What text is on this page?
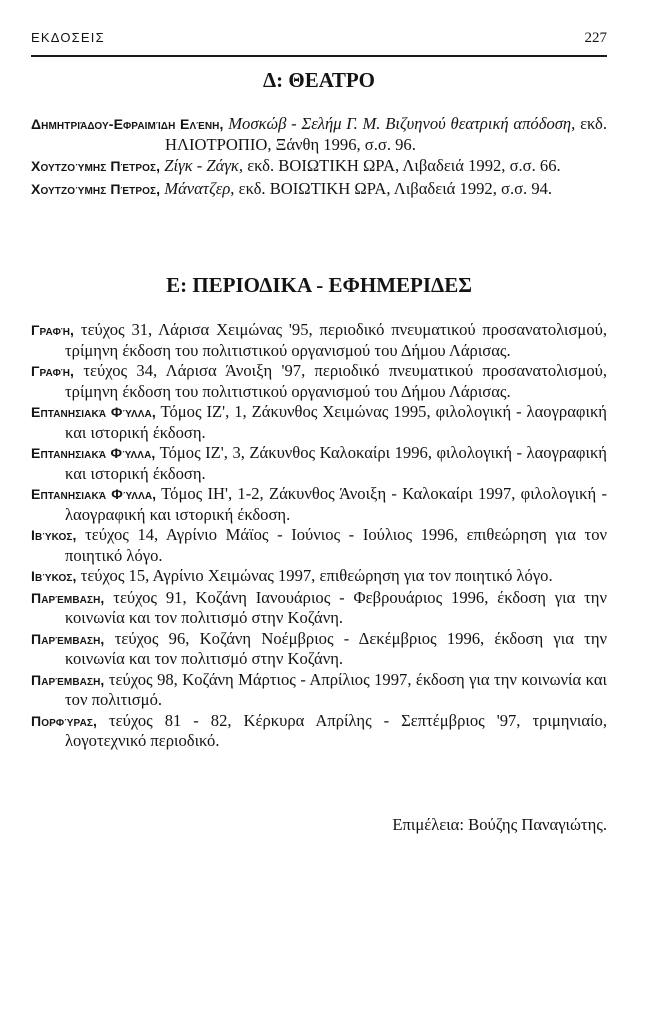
ΕΚΔΟΣΕΙΣ	227
Δ: ΘΕΑΤΡΟ
Δημητριάδου-Εφραιμίδη Ελένη, Μοσκώβ - Σελήμ Γ. Μ. Βιζυηνού θεατρική απόδοση, εκδ. ΗΛΙΟΤΡΟΠΙΟ, Ξάνθη 1996, σ.σ. 96.
Χουτζούμης Πέτρος, Ζίγκ - Ζάγκ, εκδ. ΒΟΙΩΤΙΚΗ ΩΡΑ, Λιβαδειά 1992, σ.σ. 66.
Χουτζούμης Πέτρος, Μάνατζερ, εκδ. ΒΟΙΩΤΙΚΗ ΩΡΑ, Λιβαδειά 1992, σ.σ. 94.
Ε: ΠΕΡΙΟΔΙΚΑ - ΕΦΗΜΕΡΙΔΕΣ
Γραφή, τεύχος 31, Λάρισα Χειμώνας '95, περιοδικό πνευματικού προσανατολισμού, τρίμηνη έκδοση του πολιτιστικού οργανισμού του Δήμου Λάρισας.
Γραφή, τεύχος 34, Λάρισα Άνοιξη '97, περιοδικό πνευματικού προσανατολισμού, τρίμηνη έκδοση του πολιτιστικού οργανισμού του Δήμου Λάρισας.
Επτανησιακά Φύλλα, Τόμος ΙΖ', 1, Ζάκυνθος Χειμώνας 1995, φιλολογική - λαογραφική και ιστορική έκδοση.
Επτανησιακά Φύλλα, Τόμος ΙΖ', 3, Ζάκυνθος Καλοκαίρι 1996, φιλολογική - λαογραφική και ιστορική έκδοση.
Επτανησιακά Φύλλα, Τόμος ΙΗ', 1-2, Ζάκυνθος Άνοιξη - Καλοκαίρι 1997, φιλολογική - λαογραφική και ιστορική έκδοση.
Ιβύκος, τεύχος 14, Αγρίνιο Μάϊος - Ιούνιος - Ιούλιος 1996, επιθεώρηση για τον ποιητικό λόγο.
Ιβύκος, τεύχος 15, Αγρίνιο Χειμώνας 1997, επιθεώρηση για τον ποιητικό λόγο.
Παρέμβαση, τεύχος 91, Κοζάνη Ιανουάριος - Φεβρουάριος 1996, έκδοση για την κοινωνία και τον πολιτισμό στην Κοζάνη.
Παρέμβαση, τεύχος 96, Κοζάνη Νοέμβριος - Δεκέμβριος 1996, έκδοση για την κοινωνία και τον πολιτισμό στην Κοζάνη.
Παρέμβαση, τεύχος 98, Κοζάνη Μάρτιος - Απρίλιος 1997, έκδοση για την κοινωνία και τον πολιτισμό.
Πορφύρας, τεύχος 81 - 82, Κέρκυρα Απρίλης - Σεπτέμβριος '97, τριμηνιαίο, λογοτεχνικό περιοδικό.
Επιμέλεια: Βούζης Παναγιώτης.
